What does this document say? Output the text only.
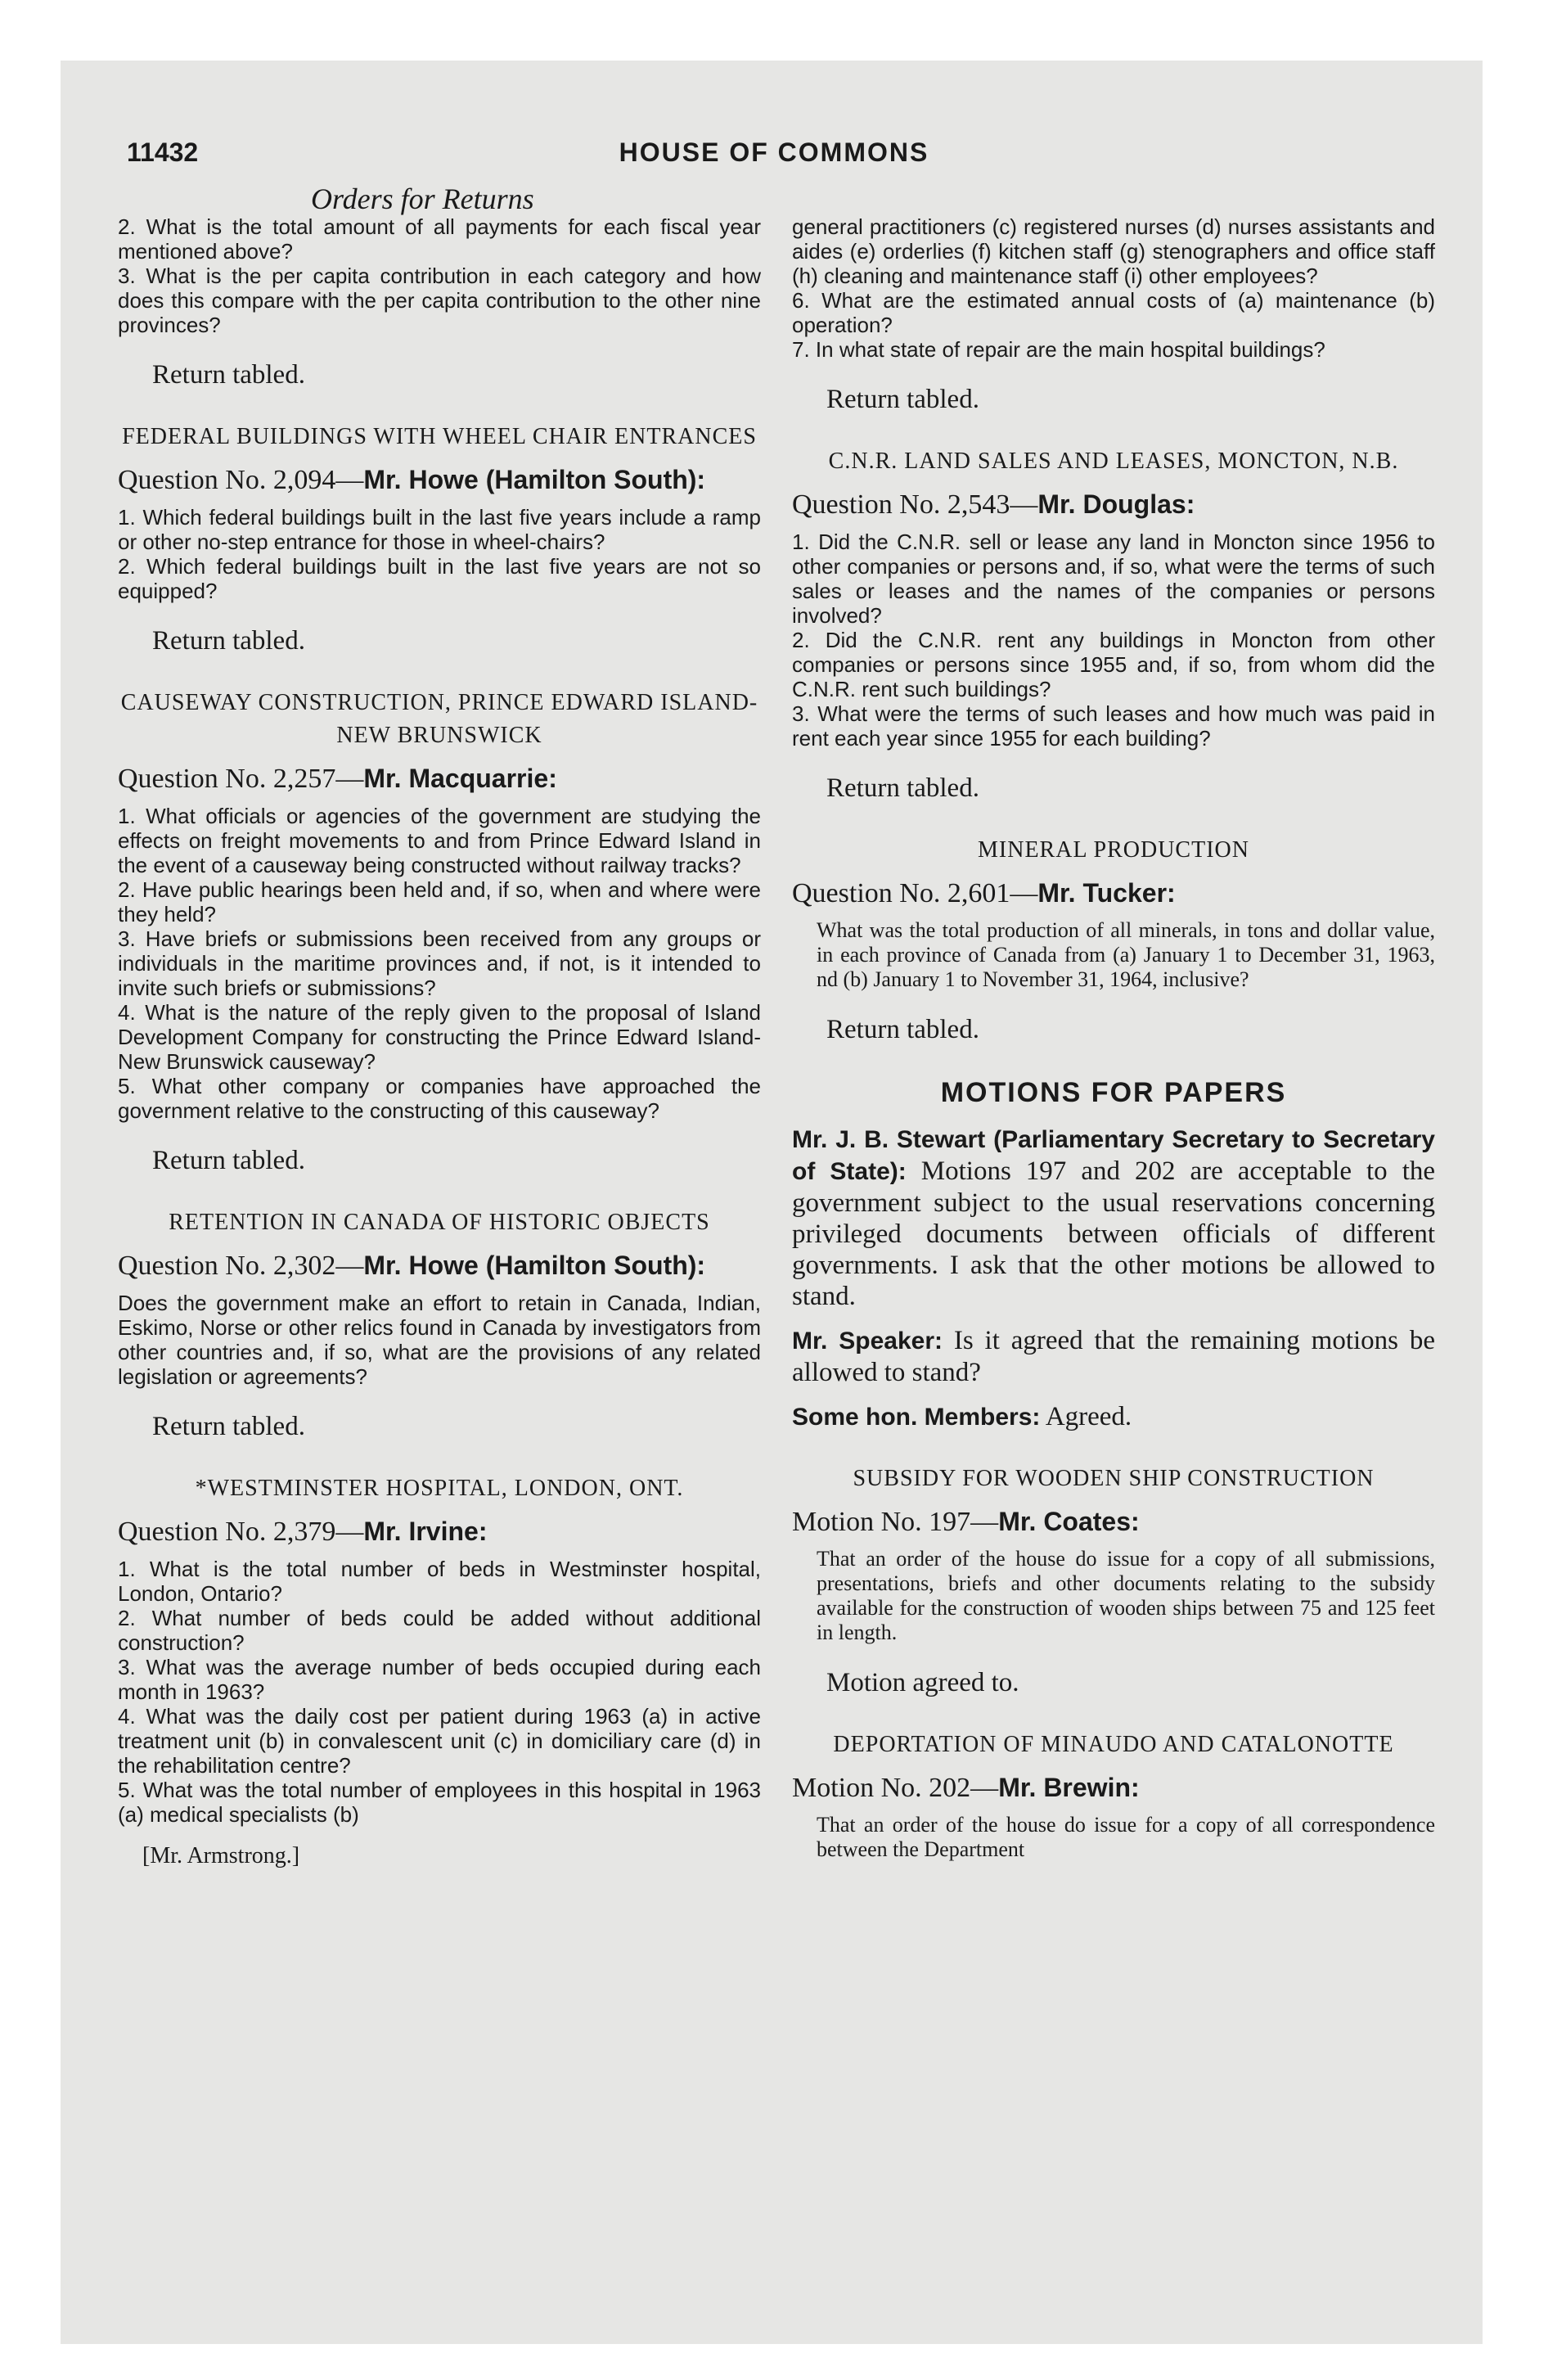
11432	HOUSE OF COMMONS
Orders for Returns

2. What is the total amount of all payments for each fiscal year mentioned above?

3. What is the per capita contribution in each category and how does this compare with the per capita contribution to the other nine provinces?

Return tabled.
FEDERAL BUILDINGS WITH WHEEL CHAIR ENTRANCES
Question No. 2,094—Mr. Howe (Hamilton South):

1. Which federal buildings built in the last five years include a ramp or other no-step entrance for those in wheel-chairs?

2. Which federal buildings built in the last five years are not so equipped?

Return tabled.
CAUSEWAY CONSTRUCTION, PRINCE EDWARD ISLAND-NEW BRUNSWICK
Question No. 2,257—Mr. Macquarrie:

1. What officials or agencies of the government are studying the effects on freight movements to and from Prince Edward Island in the event of a causeway being constructed without railway tracks?

2. Have public hearings been held and, if so, when and where were they held?

3. Have briefs or submissions been received from any groups or individuals in the maritime provinces and, if not, is it intended to invite such briefs or submissions?

4. What is the nature of the reply given to the proposal of Island Development Company for constructing the Prince Edward Island-New Brunswick causeway?

5. What other company or companies have approached the government relative to the constructing of this causeway?

Return tabled.
RETENTION IN CANADA OF HISTORIC OBJECTS
Question No. 2,302—Mr. Howe (Hamilton South):

Does the government make an effort to retain in Canada, Indian, Eskimo, Norse or other relics found in Canada by investigators from other countries and, if so, what are the provisions of any related legislation or agreements?

Return tabled.
*WESTMINSTER HOSPITAL, LONDON, ONT.
Question No. 2,379—Mr. Irvine:

1. What is the total number of beds in Westminster hospital, London, Ontario?

2. What number of beds could be added without additional construction?

3. What was the average number of beds occupied during each month in 1963?

4. What was the daily cost per patient during 1963 (a) in active treatment unit (b) in convalescent unit (c) in domiciliary care (d) in the rehabilitation centre?

5. What was the total number of employees in this hospital in 1963 (a) medical specialists (b)

[Mr. Armstrong.]

general practitioners (c) registered nurses (d) nurses assistants and aides (e) orderlies (f) kitchen staff (g) stenographers and office staff (h) cleaning and maintenance staff (i) other employees?

6. What are the estimated annual costs of (a) maintenance (b) operation?

7. In what state of repair are the main hospital buildings?

Return tabled.
C.N.R. LAND SALES AND LEASES, MONCTON, N.B.
Question No. 2,543—Mr. Douglas:

1. Did the C.N.R. sell or lease any land in Moncton since 1956 to other companies or persons and, if so, what were the terms of such sales or leases and the names of the companies or persons involved?

2. Did the C.N.R. rent any buildings in Moncton from other companies or persons since 1955 and, if so, from whom did the C.N.R. rent such buildings?

3. What were the terms of such leases and how much was paid in rent each year since 1955 for each building?

Return tabled.
MINERAL PRODUCTION
Question No. 2,601—Mr. Tucker:

What was the total production of all minerals, in tons and dollar value, in each province of Canada from (a) January 1 to December 31, 1963, nd (b) January 1 to November 31, 1964, inclusive?

Return tabled.
MOTIONS FOR PAPERS

Mr. J. B. Stewart (Parliamentary Secretary to Secretary of State): Motions 197 and 202 are acceptable to the government subject to the usual reservations concerning privileged documents between officials of different governments. I ask that the other motions be allowed to stand.

Mr. Speaker: Is it agreed that the remaining motions be allowed to stand?

Some hon. Members: Agreed.

SUBSIDY FOR WOODEN SHIP CONSTRUCTION
Motion No. 197—Mr. Coates:

That an order of the house do issue for a copy of all submissions, presentations, briefs and other documents relating to the subsidy available for the construction of wooden ships between 75 and 125 feet in length.

Motion agreed to.
DEPORTATION OF MINAUDO AND CATALONOTTE
Motion No. 202—Mr. Brewin:

That an order of the house do issue for a copy of all correspondence between the Department
